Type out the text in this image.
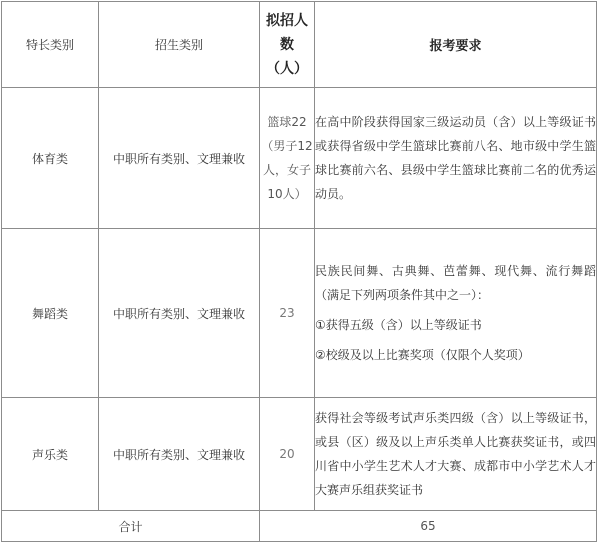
特长类别	招生类别	拟招人
数
（人）	报考要求
体育类	中职所有类别、文理兼收	篮球22（男子12人，女子10人）	在高中阶段获得国家三级运动员（含）以上等级证书或获得省级中学生篮球比赛前八名、地市级中学生篮球比赛前六名、县级中学生篮球比赛前二名的优秀运动员。
舞蹈类	中职所有类别、文理兼收	23	民族民间舞、古典舞、芭蕾舞、现代舞、流行舞蹈（满足下列两项条件其中之一）：
①获得五级（含）以上等级证书
②校级及以上比赛奖项（仅限个人奖项）

声乐类	中职所有类别、文理兼收	20	获得社会等级考试声乐类四级（含）以上等级证书，或县（区）级及以上声乐类单人比赛获奖证书，或四川省中小学生艺术人才大赛、成都市中小学艺术人才大赛声乐组获奖证书
合计		65	
